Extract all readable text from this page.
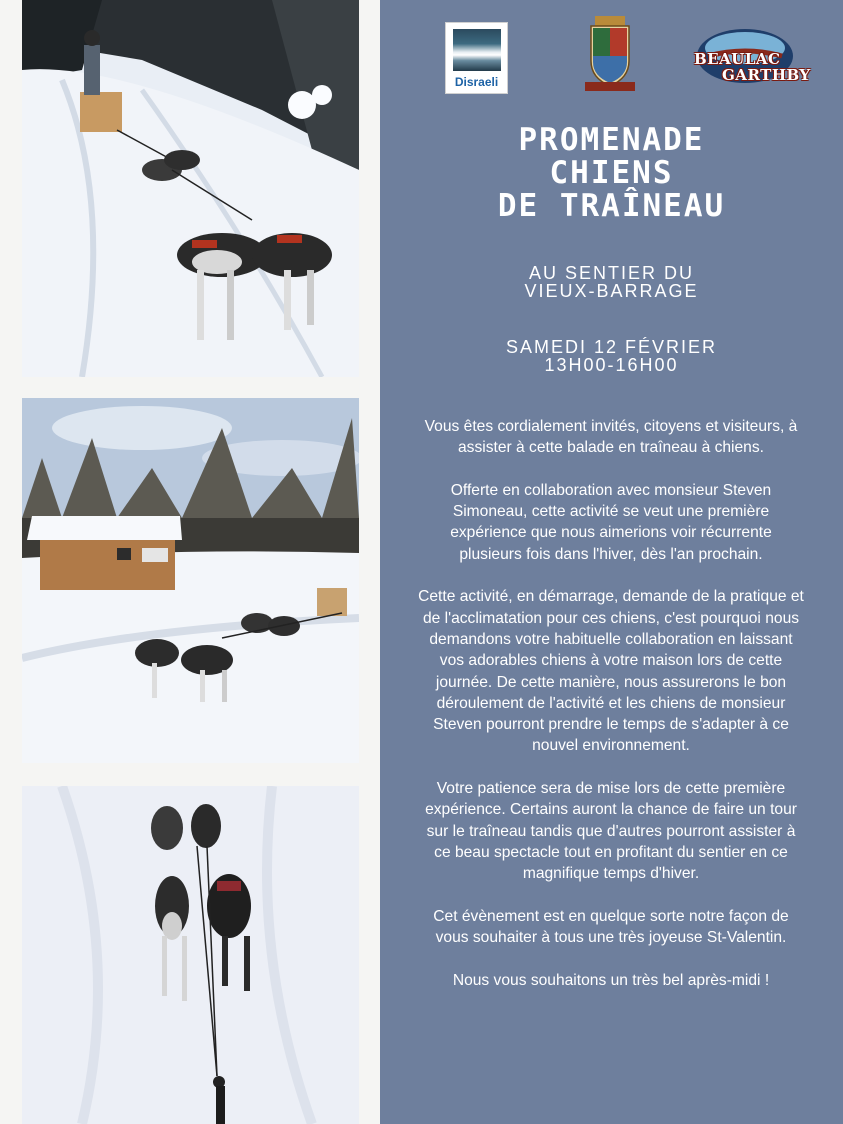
Disraeli
BEAULAC
GARTHBY
PROMENADE
CHIENS
DE TRAÎNEAU
AU SENTIER DU
VIEUX-BARRAGE
SAMEDI 12 FÉVRIER
13H00-16H00

Vous êtes cordialement invités, citoyens et visiteurs, à assister à cette balade en traîneau à chiens.

Offerte en collaboration avec monsieur Steven Simoneau, cette activité se veut une première expérience que nous aimerions voir récurrente plusieurs fois dans l'hiver, dès l'an prochain.

Cette activité, en démarrage, demande de la pratique et de l'acclimatation pour ces chiens, c'est pourquoi nous demandons votre habituelle collaboration en laissant vos adorables chiens à votre maison lors de cette journée. De cette manière, nous assurerons le bon déroulement de l'activité et les chiens de monsieur Steven pourront prendre le temps de s'adapter à ce nouvel environnement.

Votre patience sera de mise lors de cette première expérience. Certains auront la chance de faire un tour sur le traîneau tandis que d'autres pourront assister à ce beau spectacle tout en profitant du sentier en ce magnifique temps d'hiver.

Cet évènement est en quelque sorte notre façon de vous souhaiter à tous une très joyeuse St-Valentin.

Nous vous souhaitons un très bel après-midi !
